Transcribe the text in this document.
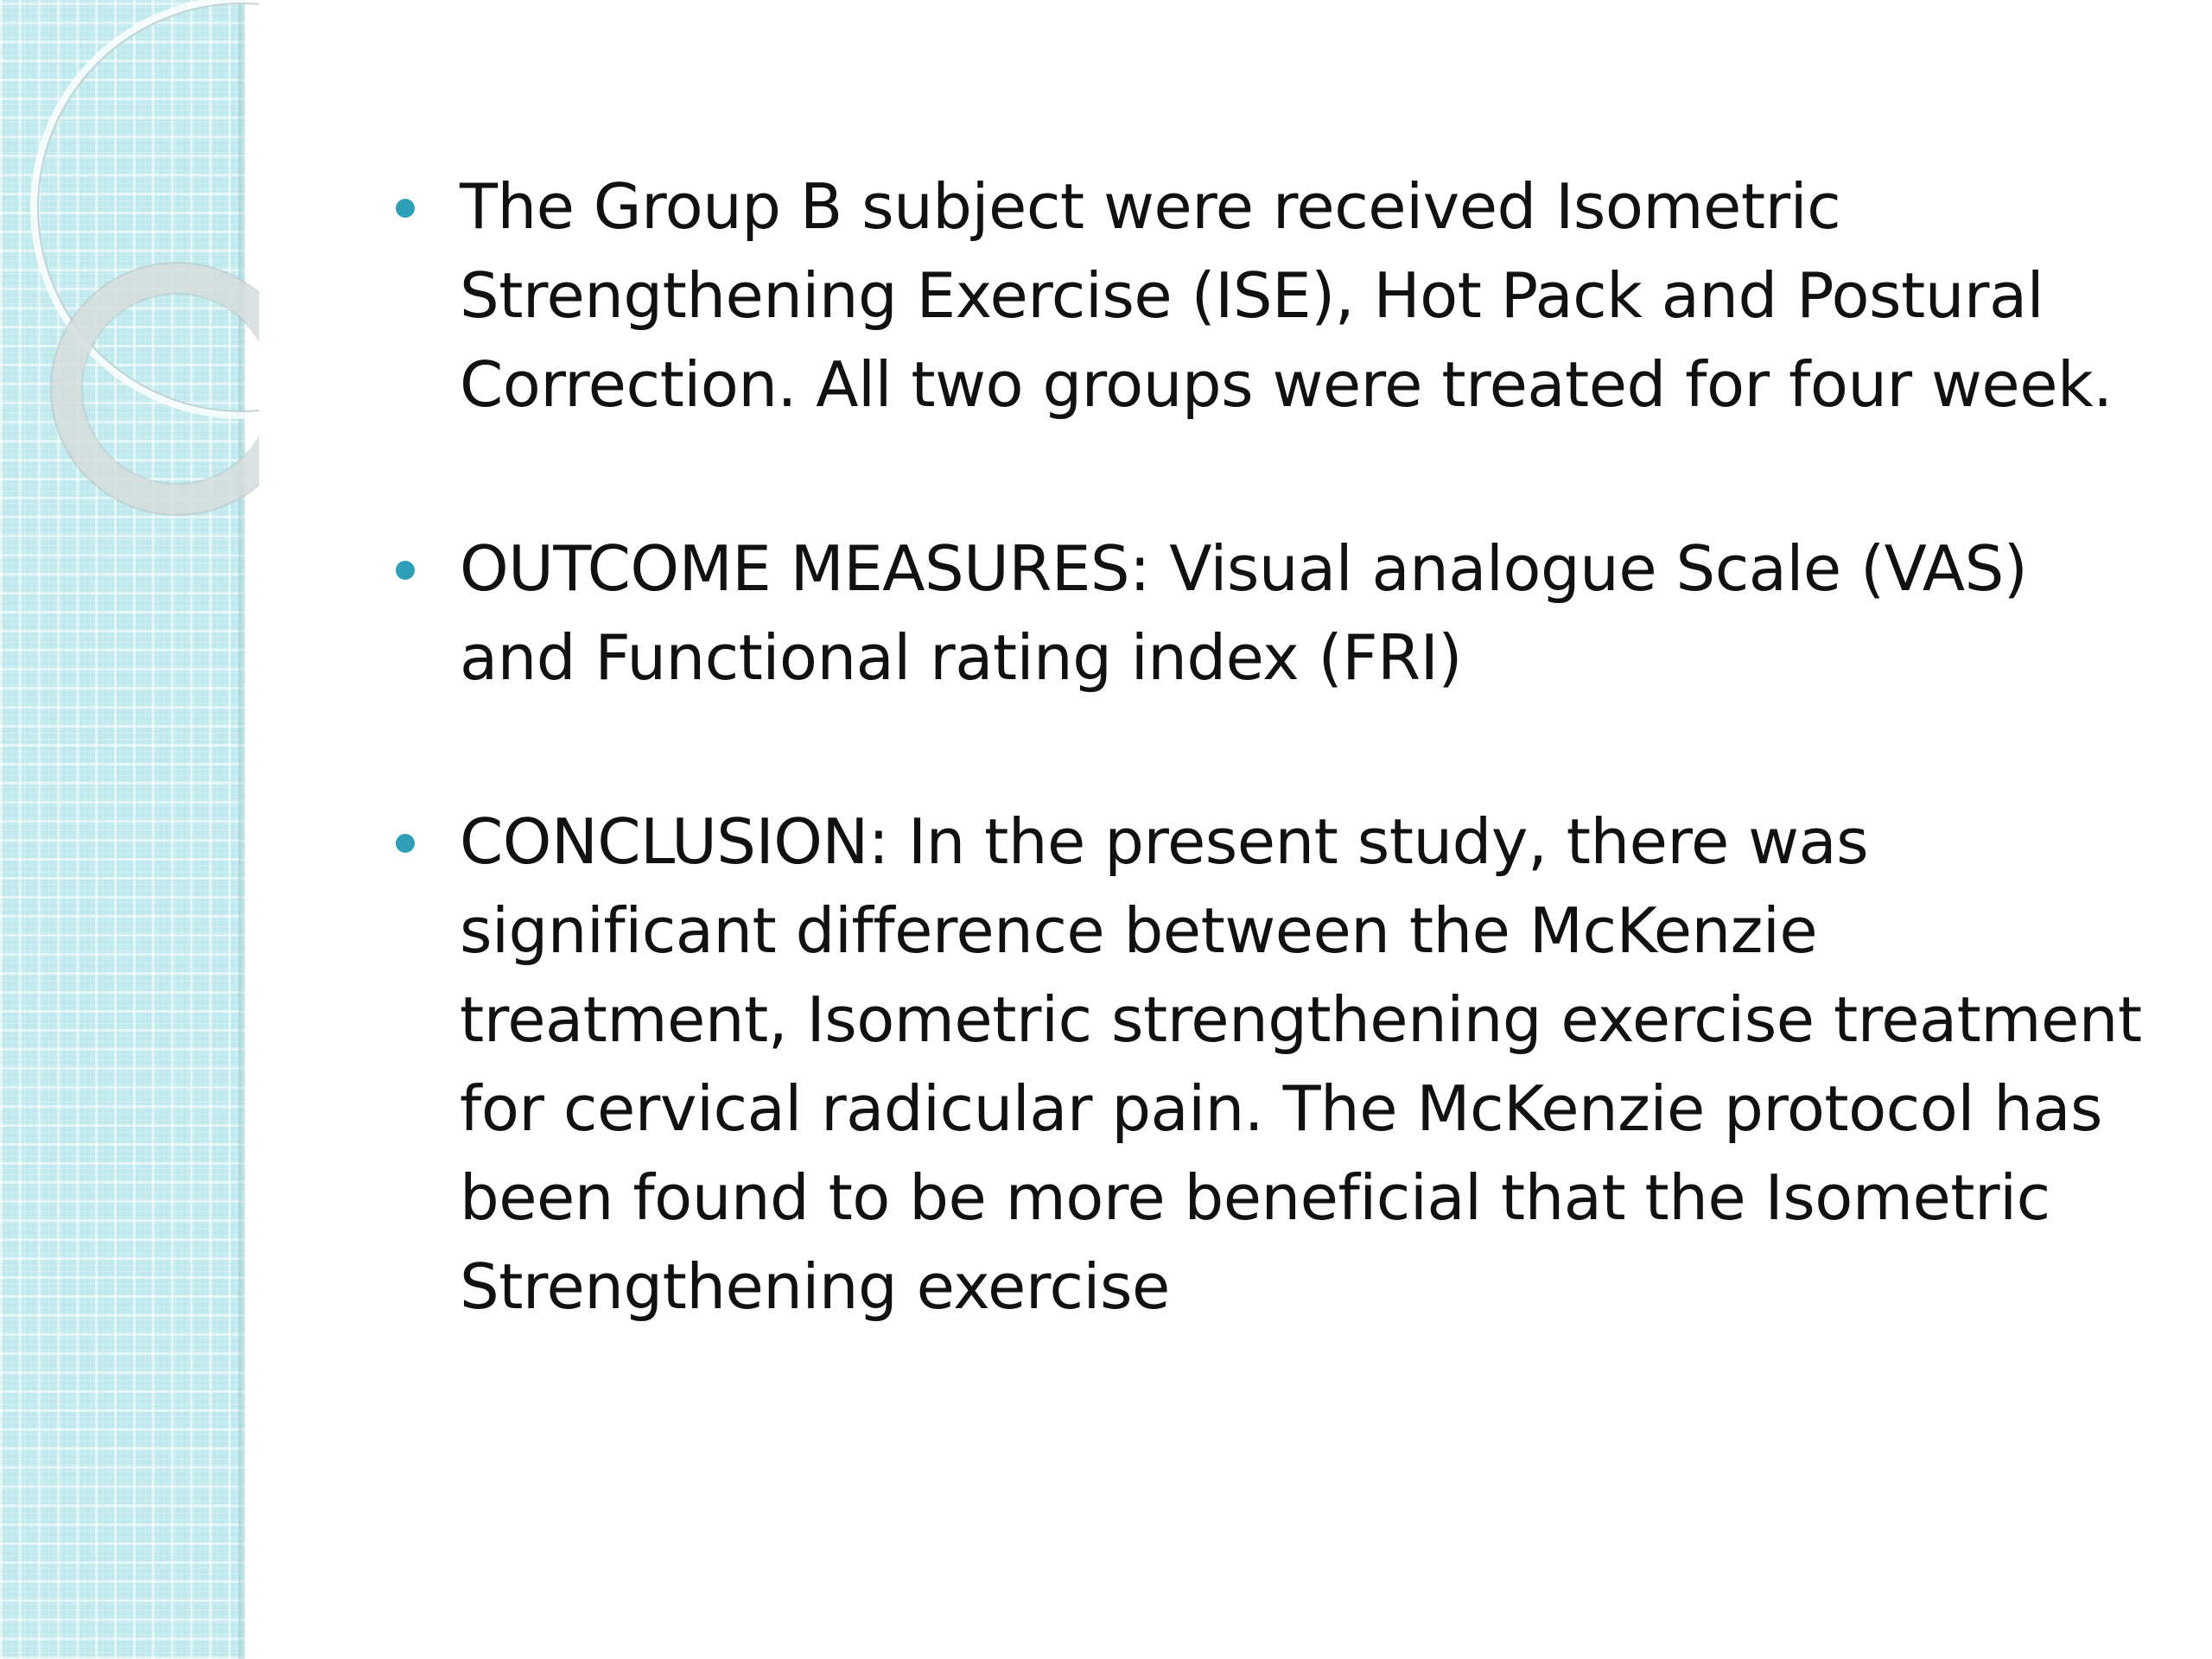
The Group B subject were received Isometric Strengthening Exercise (ISE), Hot Pack and Postural Correction. All two groups were treated for four week.
OUTCOME MEASURES: Visual analogue Scale (VAS) and Functional rating index (FRI)
CONCLUSION: In the present study, there was significant difference between the McKenzie treatment, Isometric strengthening exercise treatment for cervical radicular pain. The McKenzie protocol has been found to be more beneficial that the Isometric Strengthening exercise
